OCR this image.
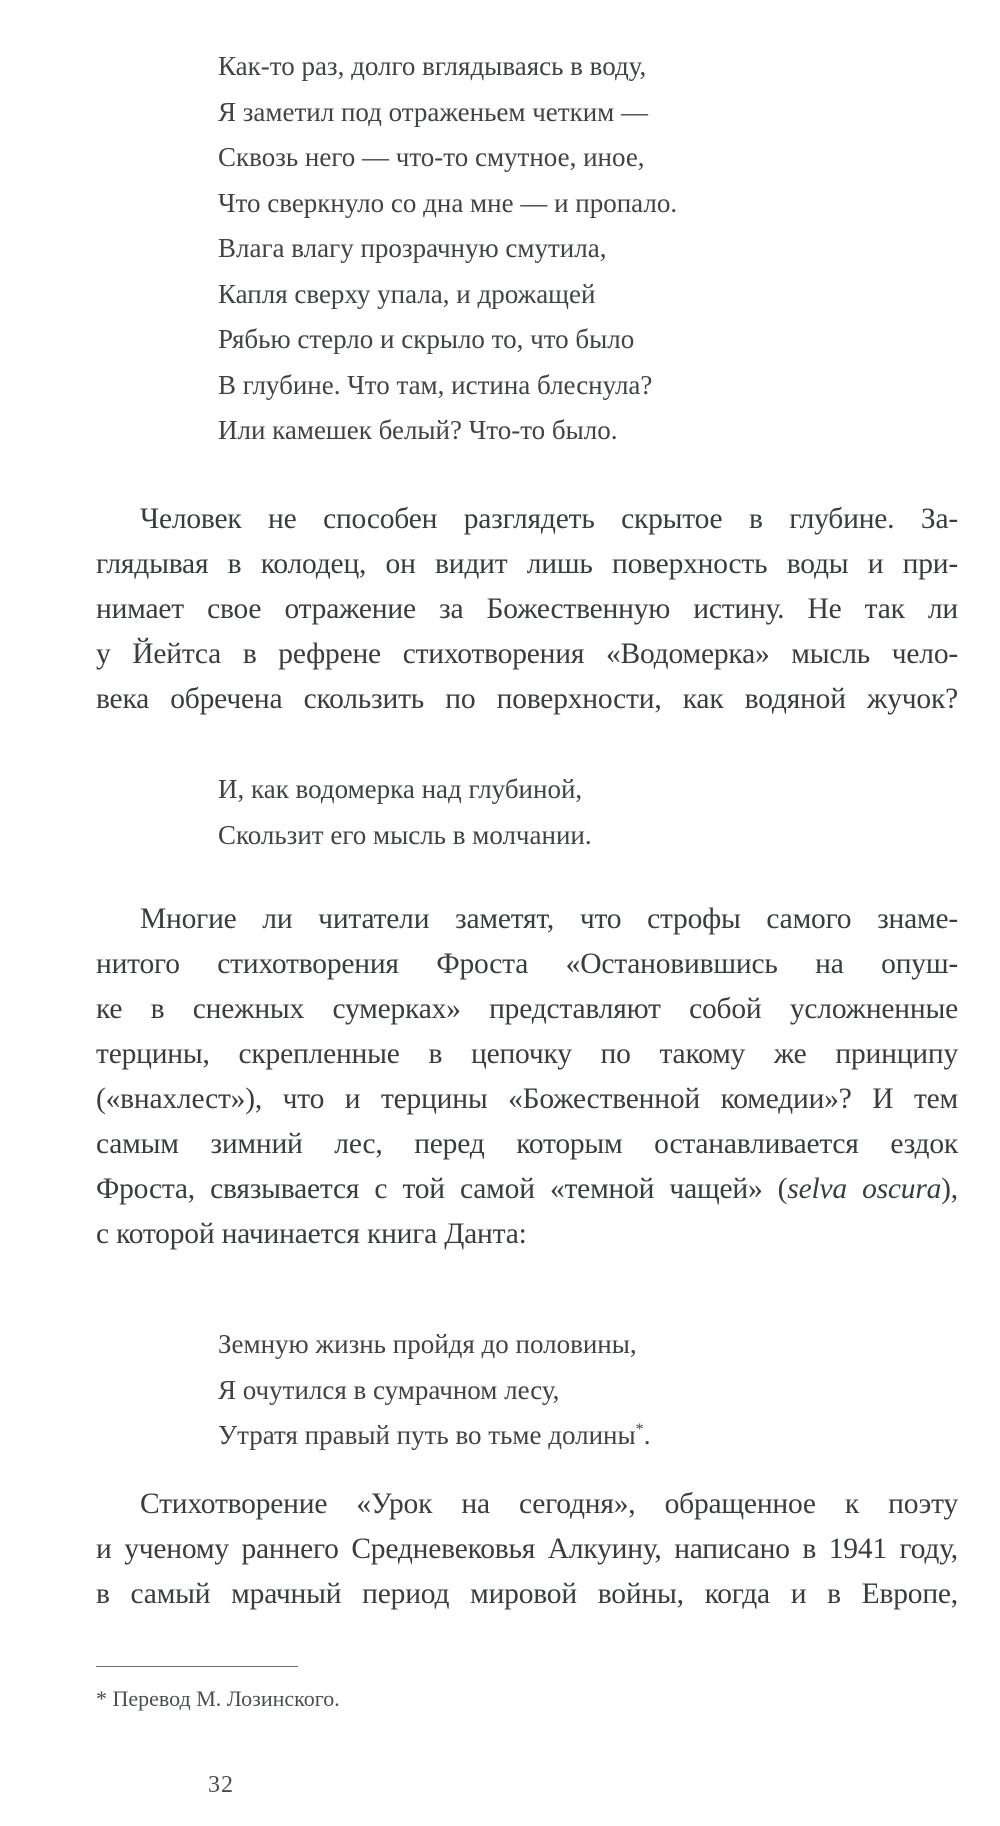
Как-то раз, долго вглядываясь в воду,
Я заметил под отраженьем четким —
Сквозь него — что-то смутное, иное,
Что сверкнуло со дна мне — и пропало.
Влага влагу прозрачную смутила,
Капля сверху упала, и дрожащей
Рябью стерло и скрыло то, что было
В глубине. Что там, истина блеснула?
Или камешек белый? Что-то было.
Человек не способен разглядеть скрытое в глубине. За-
глядывая в колодец, он видит лишь поверхность воды и при-
нимает свое отражение за Божественную истину. Не так ли
у Йейтса в рефрене стихотворения «Водомерка» мысль чело-
века обречена скользить по поверхности, как водяной жучок?
И, как водомерка над глубиной,
Скользит его мысль в молчании.
Многие ли читатели заметят, что строфы самого знаме-
нитого стихотворения Фроста «Остановившись на опуш-
ке в снежных сумерках» представляют собой усложненные
терцины, скрепленные в цепочку по такому же принципу
(«внахлест»), что и терцины «Божественной комедии»? И тем
самым зимний лес, перед которым останавливается ездок
Фроста, связывается с той самой «темной чащей» (selva oscura),
с которой начинается книга Данта:
Земную жизнь пройдя до половины,
Я очутился в сумрачном лесу,
Утратя правый путь во тьме долины*.
Стихотворение «Урок на сегодня», обращенное к поэту
и ученому раннего Средневековья Алкуину, написано в 1941 году,
в самый мрачный период мировой войны, когда и в Европе,
* Перевод М. Лозинского.
32
